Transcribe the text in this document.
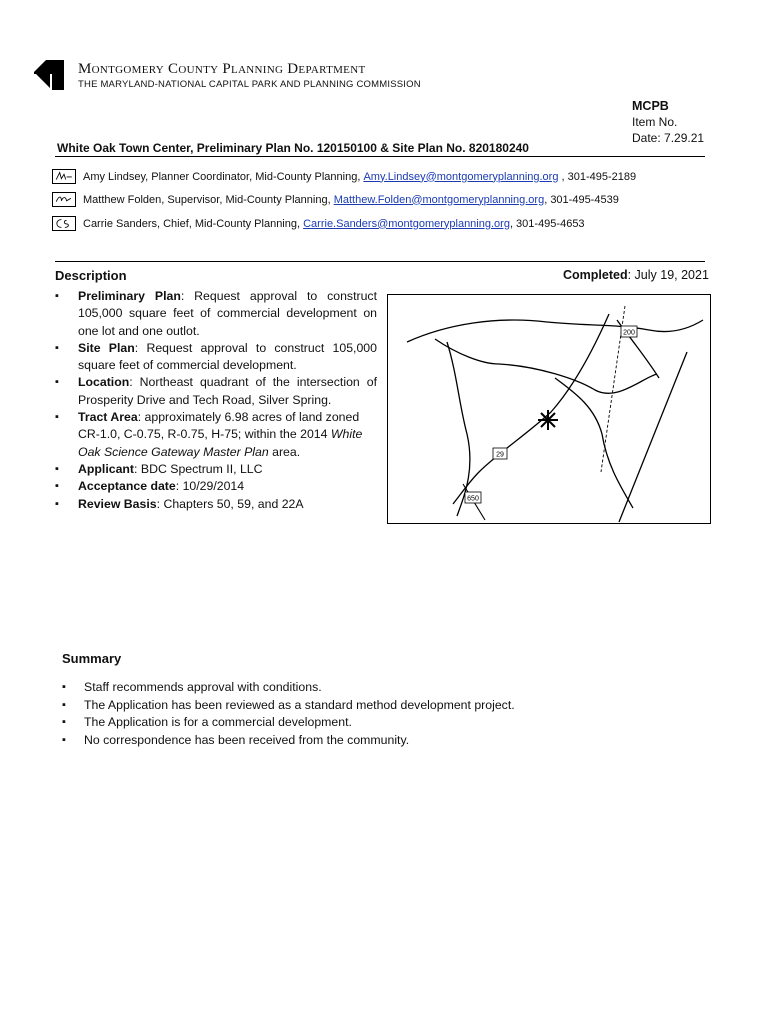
Montgomery County Planning Department
THE MARYLAND-NATIONAL CAPITAL PARK AND PLANNING COMMISSION
MCPB
Item No.
Date: 7.29.21
White Oak Town Center, Preliminary Plan No. 120150100 & Site Plan No. 820180240
Amy Lindsey, Planner Coordinator, Mid-County Planning,
Amy.Lindsey@montgomeryplanning.org
, 301-495-2189
Matthew Folden, Supervisor, Mid-County Planning,
Matthew.Folden@montgomeryplanning.org , 301-495-4539
Carrie Sanders, Chief, Mid-County Planning,
Carrie.Sanders@montgomeryplanning.org , 301-495-4653
Description	Completed: July 19, 2021
▪ Preliminary Plan: Request approval to construct 105,000 square feet of commercial development on one lot and one outlot.
▪ Site Plan: Request approval to construct 105,000 square feet of commercial development.
▪ Location: Northeast quadrant of the intersection of Prosperity Drive and Tech Road, Silver Spring.
▪ Tract Area: approximately 6.98 acres of land zoned CR-1.0, C-0.75, R-0.75, H-75; within the 2014 White Oak Science Gateway Master Plan area.
▪ Applicant: BDC Spectrum II, LLC
▪ Acceptance date: 10/29/2014
▪ Review Basis: Chapters 50, 59, and 22A
200
29
650
Summary
▪ Staff recommends approval with conditions.
▪ The Application has been reviewed as a standard method development project.
▪ The Application is for a commercial development.
▪ No correspondence has been received from the community.
